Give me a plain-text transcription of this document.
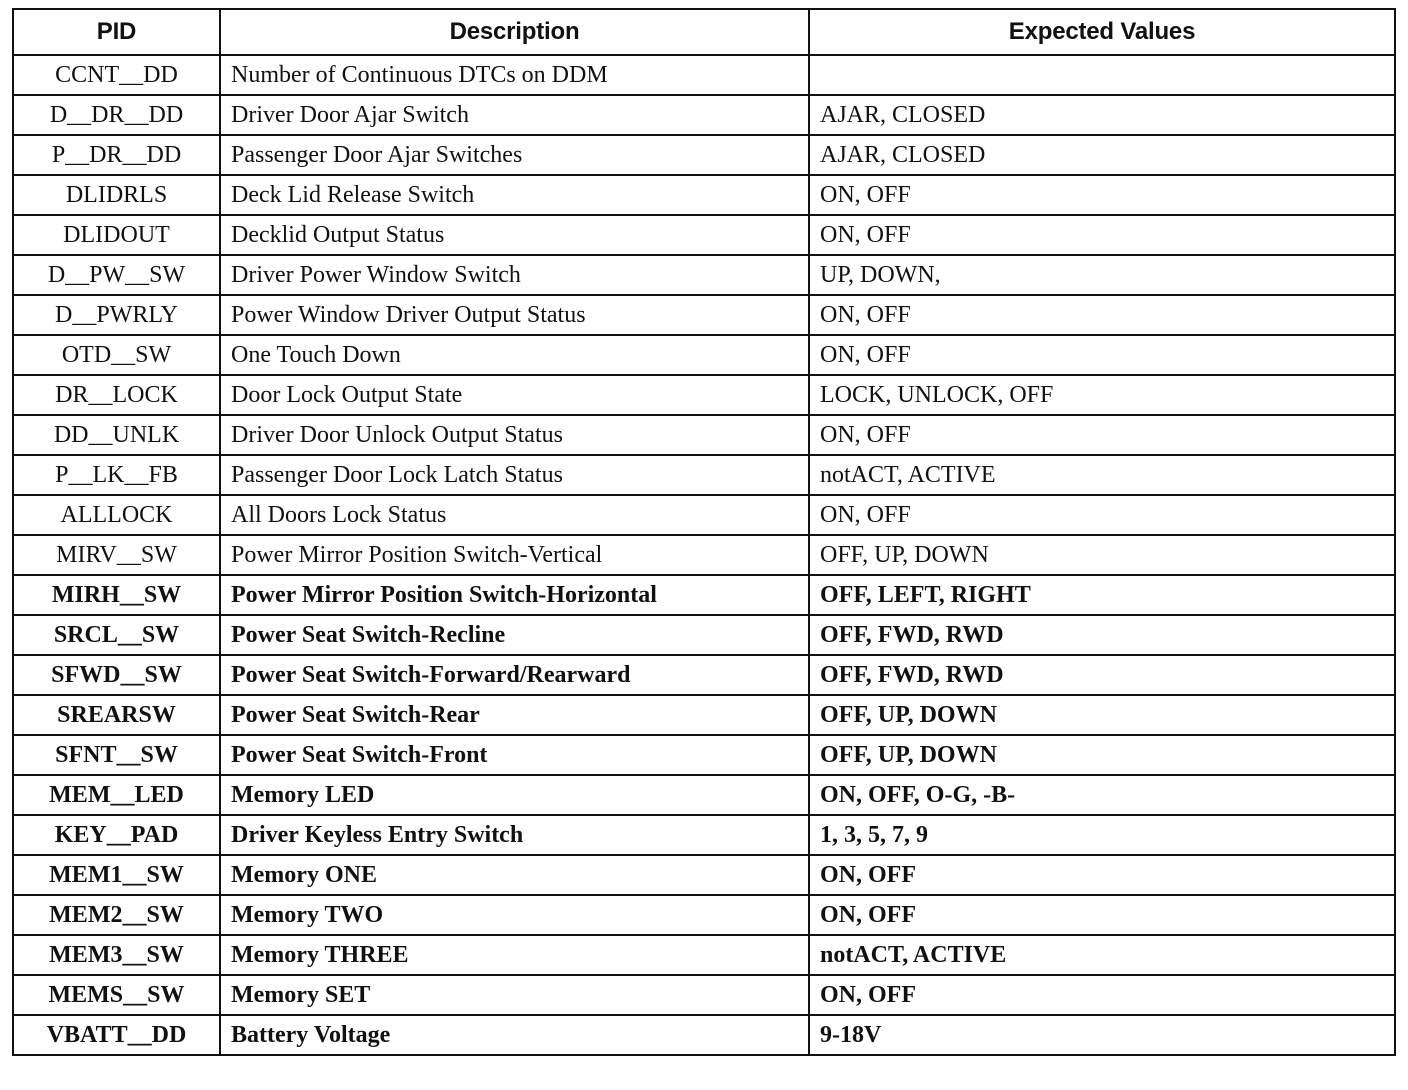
PID	Description	Expected Values
CCNT__DD	Number of Continuous DTCs on DDM	
D__DR__DD	Driver Door Ajar Switch	AJAR, CLOSED
P__DR__DD	Passenger Door Ajar Switches	AJAR, CLOSED
DLIDRLS	Deck Lid Release Switch	ON, OFF
DLIDOUT	Decklid Output Status	ON, OFF
D__PW__SW	Driver Power Window Switch	UP, DOWN,
D__PWRLY	Power Window Driver Output Status	ON, OFF
OTD__SW	One Touch Down	ON, OFF
DR__LOCK	Door Lock Output State	LOCK, UNLOCK, OFF
DD__UNLK	Driver Door Unlock Output Status	ON, OFF
P__LK__FB	Passenger Door Lock Latch Status	notACT, ACTIVE
ALLLOCK	All Doors Lock Status	ON, OFF
MIRV__SW	Power Mirror Position Switch-Vertical	OFF, UP, DOWN
MIRH__SW	Power Mirror Position Switch-Horizontal	OFF, LEFT, RIGHT
SRCL__SW	Power Seat Switch-Recline	OFF, FWD, RWD
SFWD__SW	Power Seat Switch-Forward/Rearward	OFF, FWD, RWD
SREARSW	Power Seat Switch-Rear	OFF, UP, DOWN
SFNT__SW	Power Seat Switch-Front	OFF, UP, DOWN
MEM__LED	Memory LED	ON, OFF, O-G, -B-
KEY__PAD	Driver Keyless Entry Switch	1, 3, 5, 7, 9
MEM1__SW	Memory ONE	ON, OFF
MEM2__SW	Memory TWO	ON, OFF
MEM3__SW	Memory THREE	notACT, ACTIVE
MEMS__SW	Memory SET	ON, OFF
VBATT__DD	Battery Voltage	9-18V
